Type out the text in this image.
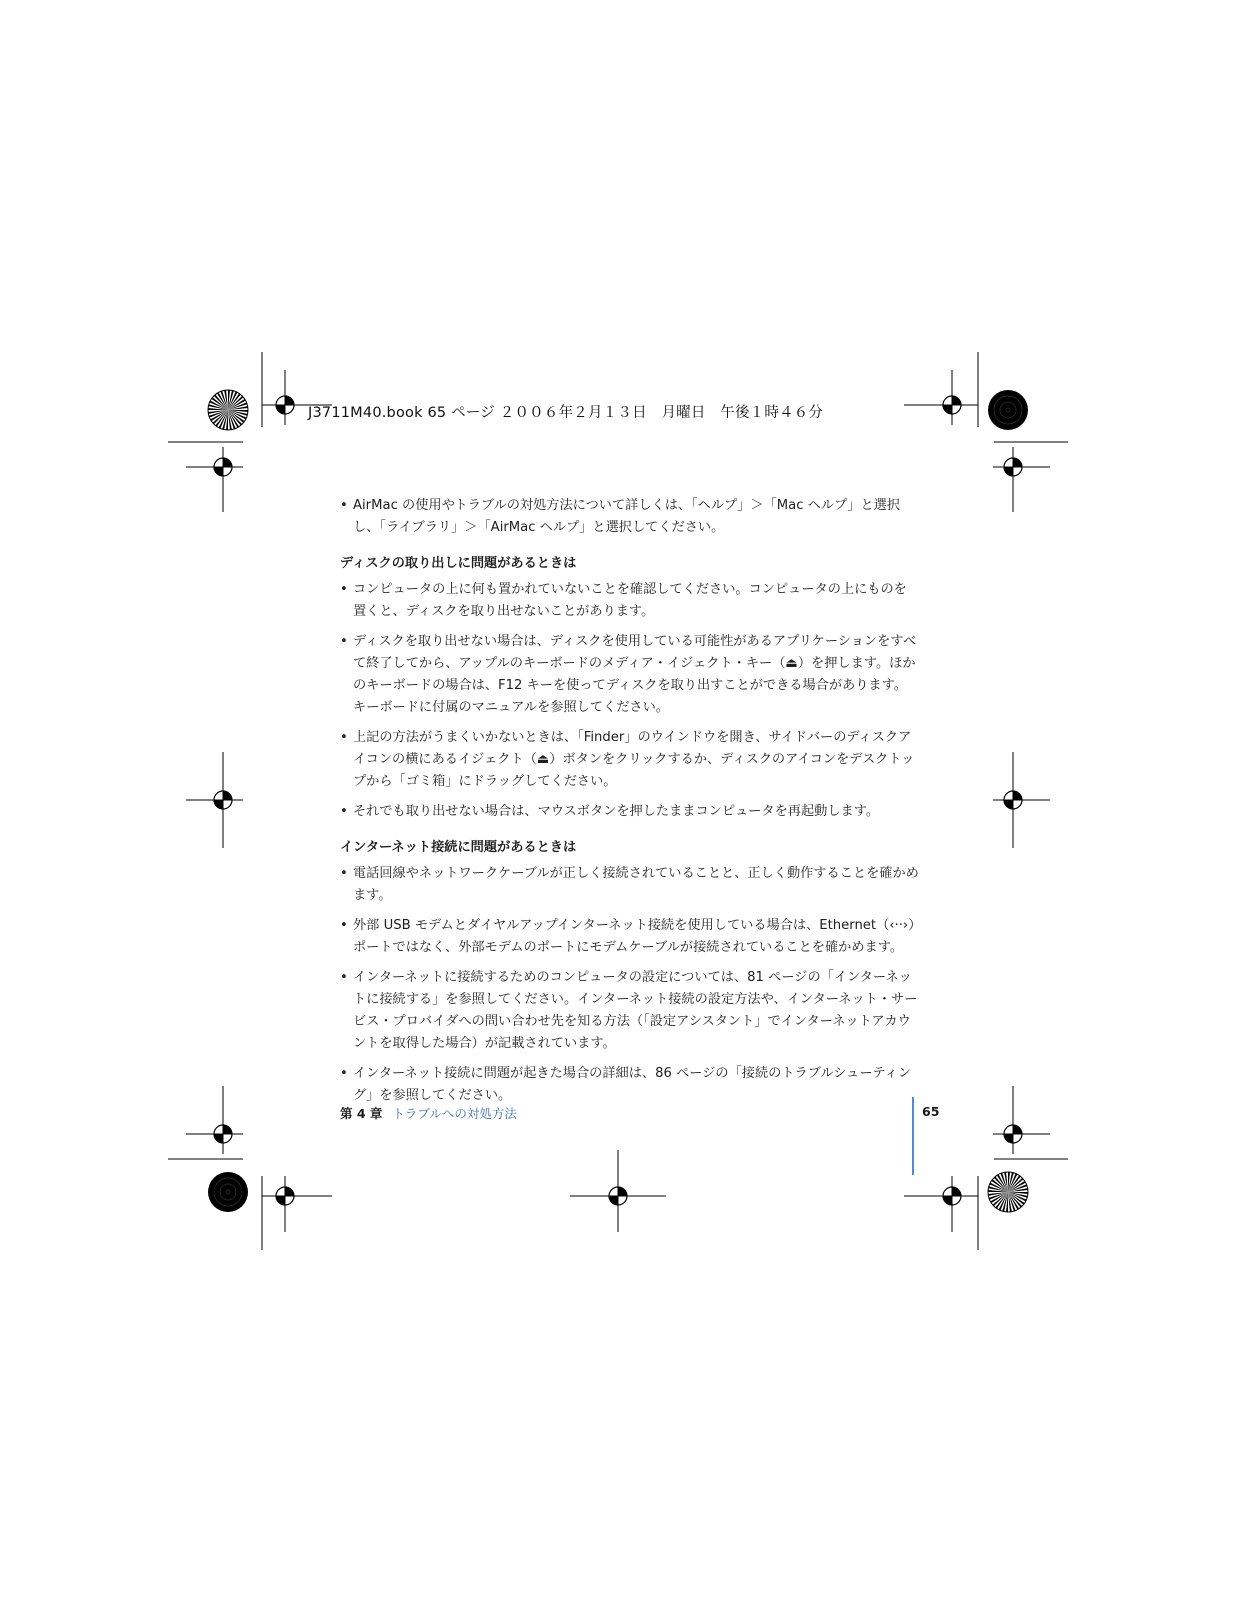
J3711M40.book 65 ページ ２００６年２月１３日　月曜日　午後１時４６分
• AirMac の使用やトラブルの対処方法について詳しくは、「ヘルプ」＞「Mac ヘルプ」と選択し、「ライブラリ」＞「AirMac ヘルプ」と選択してください。
ディスクの取り出しに問題があるときは
• コンピュータの上に何も置かれていないことを確認してください。コンピュータの上にものを置くと、ディスクを取り出せないことがあります。
• ディスクを取り出せない場合は、ディスクを使用している可能性があるアプリケーションをすべて終了してから、アップルのキーボードのメディア・イジェクト・キー（⏏）を押します。ほかのキーボードの場合は、F12 キーを使ってディスクを取り出すことができる場合があります。キーボードに付属のマニュアルを参照してください。
• 上記の方法がうまくいかないときは、「Finder」のウインドウを開き、サイドバーのディスクアイコンの横にあるイジェクト（⏏）ボタンをクリックするか、ディスクのアイコンをデスクトップから「ゴミ箱」にドラッグしてください。
• それでも取り出せない場合は、マウスボタンを押したままコンピュータを再起動します。
インターネット接続に問題があるときは
• 電話回線やネットワークケーブルが正しく接続されていることと、正しく動作することを確かめます。
• 外部 USB モデムとダイヤルアップインターネット接続を使用している場合は、Ethernet（‹··›）ポートではなく、外部モデムのポートにモデムケーブルが接続されていることを確かめます。
• インターネットに接続するためのコンピュータの設定については、81 ページの「インターネットに接続する」を参照してください。インターネット接続の設定方法や、インターネット・サービス・プロバイダへの問い合わせ先を知る方法（「設定アシスタント」でインターネットアカウントを取得した場合）が記載されています。
• インターネット接続に問題が起きた場合の詳細は、86 ページの「接続のトラブルシューティング」を参照してください。
第 4 章 トラブルへの対処方法	65
